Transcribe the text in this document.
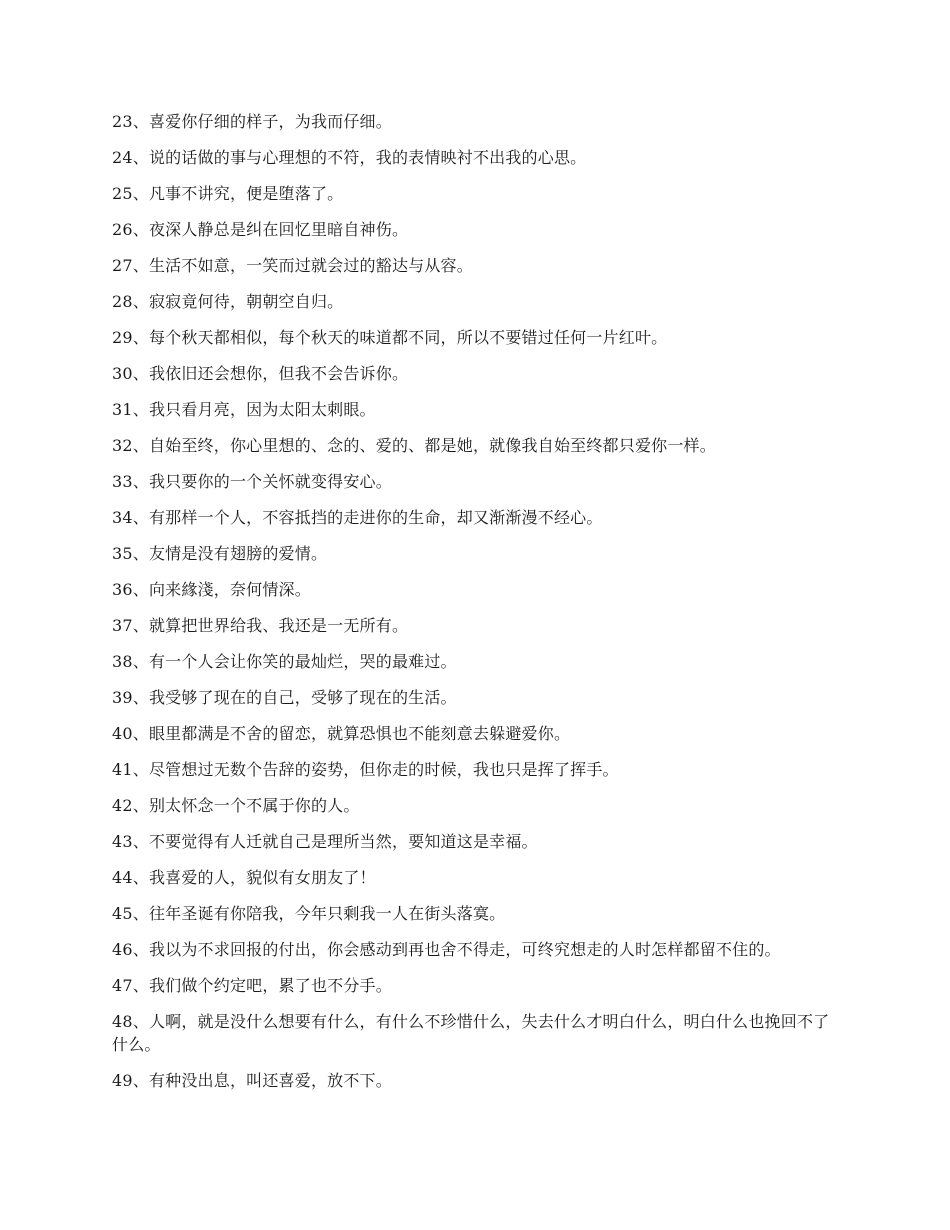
23、喜爱你仔细的样子，为我而仔细。

24、说的话做的事与心理想的不符，我的表情映衬不出我的心思。

25、凡事不讲究，便是堕落了。

26、夜深人静总是纠在回忆里暗自神伤。

27、生活不如意，一笑而过就会过的豁达与从容。

28、寂寂竟何待，朝朝空自归。

29、每个秋天都相似，每个秋天的味道都不同，所以不要错过任何一片红叶。

30、我依旧还会想你，但我不会告诉你。

31、我只看月亮，因为太阳太刺眼。

32、自始至终，你心里想的、念的、爱的、都是她，就像我自始至终都只爱你一样。

33、我只要你的一个关怀就变得安心。

34、有那样一个人，不容抵挡的走进你的生命，却又渐渐漫不经心。

35、友情是没有翅膀的爱情。

36、向来緣淺，奈何情深。

37、就算把世界给我、我还是一无所有。

38、有一个人会让你笑的最灿烂，哭的最难过。

39、我受够了现在的自己，受够了现在的生活。

40、眼里都满是不舍的留恋，就算恐惧也不能刻意去躲避爱你。

41、尽管想过无数个告辞的姿势，但你走的时候，我也只是挥了挥手。

42、别太怀念一个不属于你的人。

43、不要觉得有人迁就自己是理所当然，要知道这是幸福。

44、我喜爱的人，貌似有女朋友了！

45、往年圣诞有你陪我，今年只剩我一人在街头落寞。

46、我以为不求回报的付出，你会感动到再也舍不得走，可终究想走的人时怎样都留不住的。

47、我们做个约定吧，累了也不分手。

48、人啊，就是没什么想要有什么，有什么不珍惜什么，失去什么才明白什么，明白什么也挽回不了什么。

49、有种没出息，叫还喜爱，放不下。
